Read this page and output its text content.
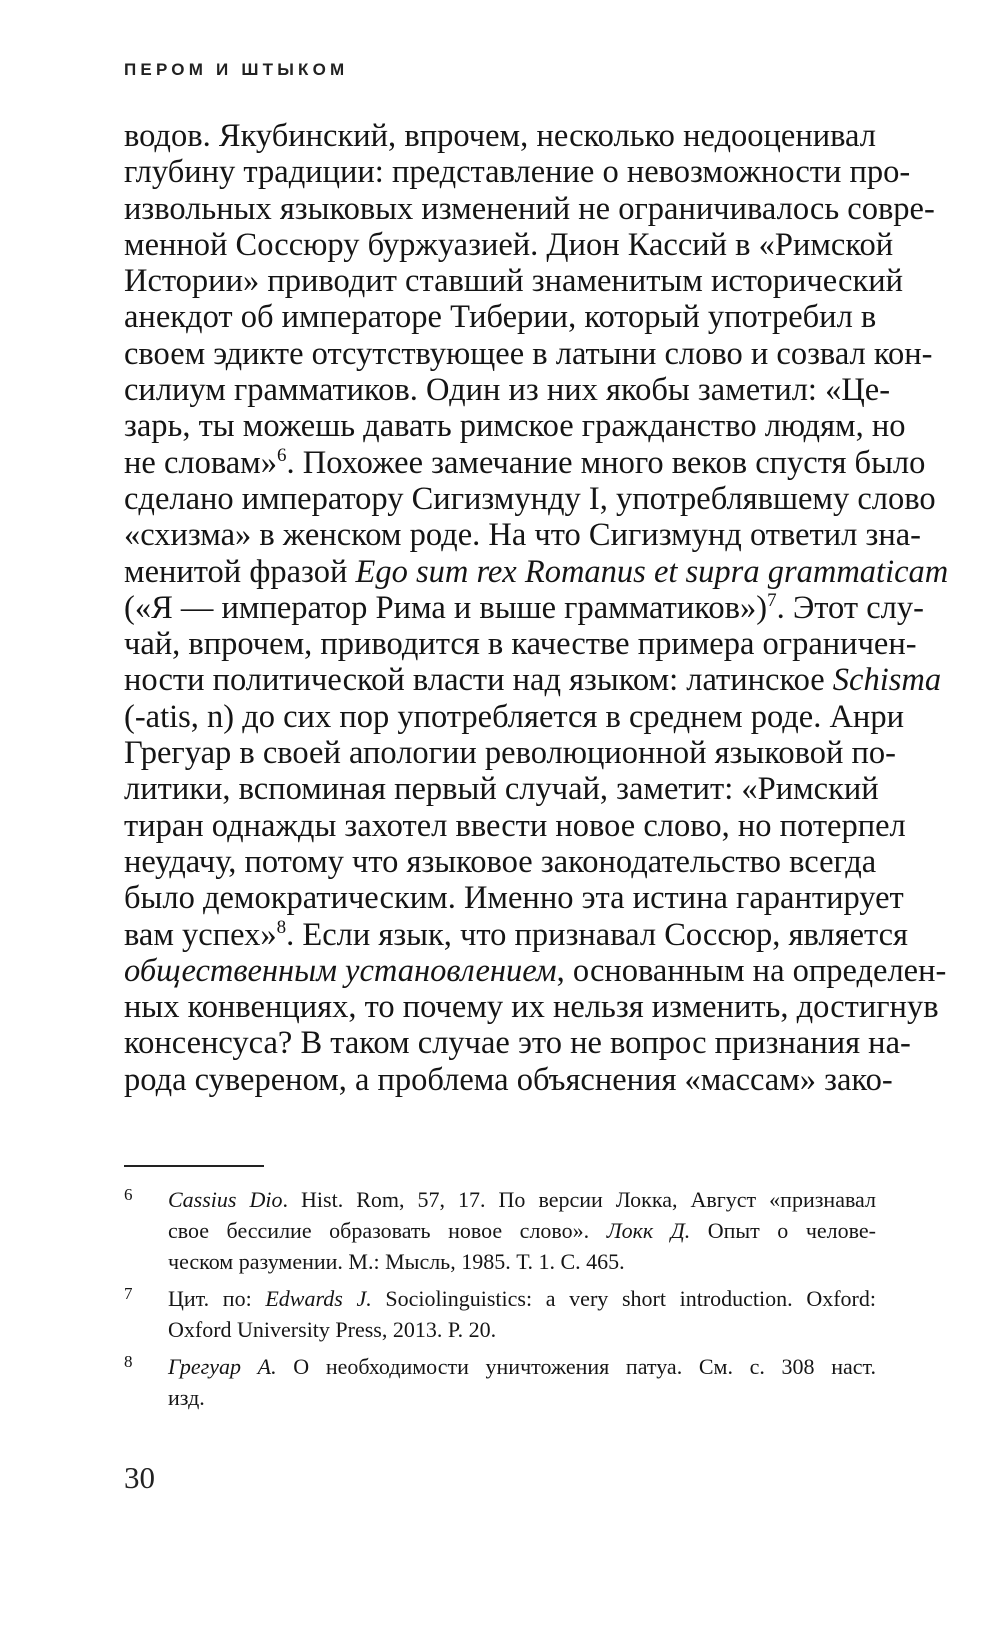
ПЕРОМ И ШТЫКОМ
водов. Якубинский, впрочем, несколько недооценивал
глубину традиции: представление о невозможности про-
извольных языковых изменений не ограничивалось совре-
менной Соссюру буржуазией. Дион Кассий в «Римской
Истории» приводит ставший знаменитым исторический
анекдот об императоре Тиберии, который употребил в
своем эдикте отсутствующее в латыни слово и созвал кон-
силиум грамматиков. Один из них якобы заметил: «Це-
зарь, ты можешь давать римское гражданство людям, но
не словам»$^6$. Похожее замечание много веков спустя было
сделано императору Сигизмунду I, употреблявшему слово
«схизма» в женском роде. На что Сигизмунд ответил зна-
менитой фразой Ego sum rex Romanus et supra grammaticam
(«Я — император Рима и выше грамматиков»)$^7$. Этот слу-
чай, впрочем, приводится в качестве примера ограничен-
ности политической власти над языком: латинское Schisma
(-atis, n) до сих пор употребляется в среднем роде. Анри
Грегуар в своей апологии революционной языковой по-
литики, вспоминая первый случай, заметит: «Римский
тиран однажды захотел ввести новое слово, но потерпел
неудачу, потому что языковое законодательство всегда
было демократическим. Именно эта истина гарантирует
вам успех»$^8$. Если язык, что признавал Соссюр, является
общественным установлением, основанным на определен-
ных конвенциях, то почему их нельзя изменить, достигнув
консенсуса? В таком случае это не вопрос признания на-
рода сувереном, а проблема объяснения «массам» зако-
6	Cassius Dio. Hist. Rom, 57, 17. По версии Локка, Август «признавал
свое бессилие образовать новое слово». Локк Д. Опыт о челове-
ческом разумении. М.: Мысль, 1985. Т. 1. С. 465.
7	Цит. по: Edwards J. Sociolinguistics: a very short introduction. Oxford:
Oxford University Press, 2013. P. 20.
8	Грегуар А. О необходимости уничтожения патуа. См. с. 308 наст.
изд.
30
